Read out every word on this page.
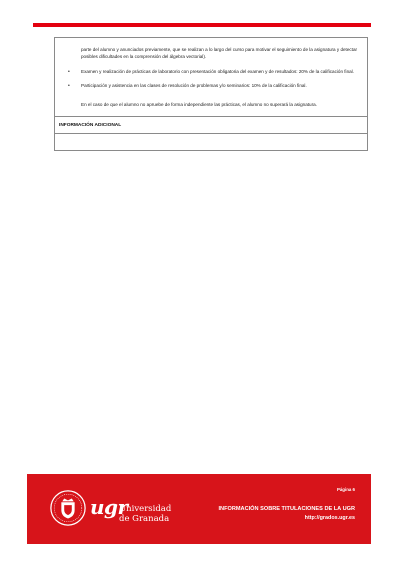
parte del alumno y anunciados previamente, que se realizan a lo largo del curso para motivar el seguimiento de la asignatura y detectar posibles dificultades en la comprensión del álgebra vectorial).
• Examen y realización de prácticas de laboratorio con presentación obligatoria del examen y de resultados: 20% de la calificación final.
• Participación y asistencia en las clases de resolución de problemas y/o seminarios: 10% de la calificación final.
En el caso de que el alumno no apruebe de forma independiente las prácticas, el alumno no superará la asignatura.
INFORMACIÓN ADICIONAL
ugr
Universidad
de Granada
Página 6
INFORMACIÓN SOBRE TITULACIONES DE LA UGR
http://grados.ugr.es
